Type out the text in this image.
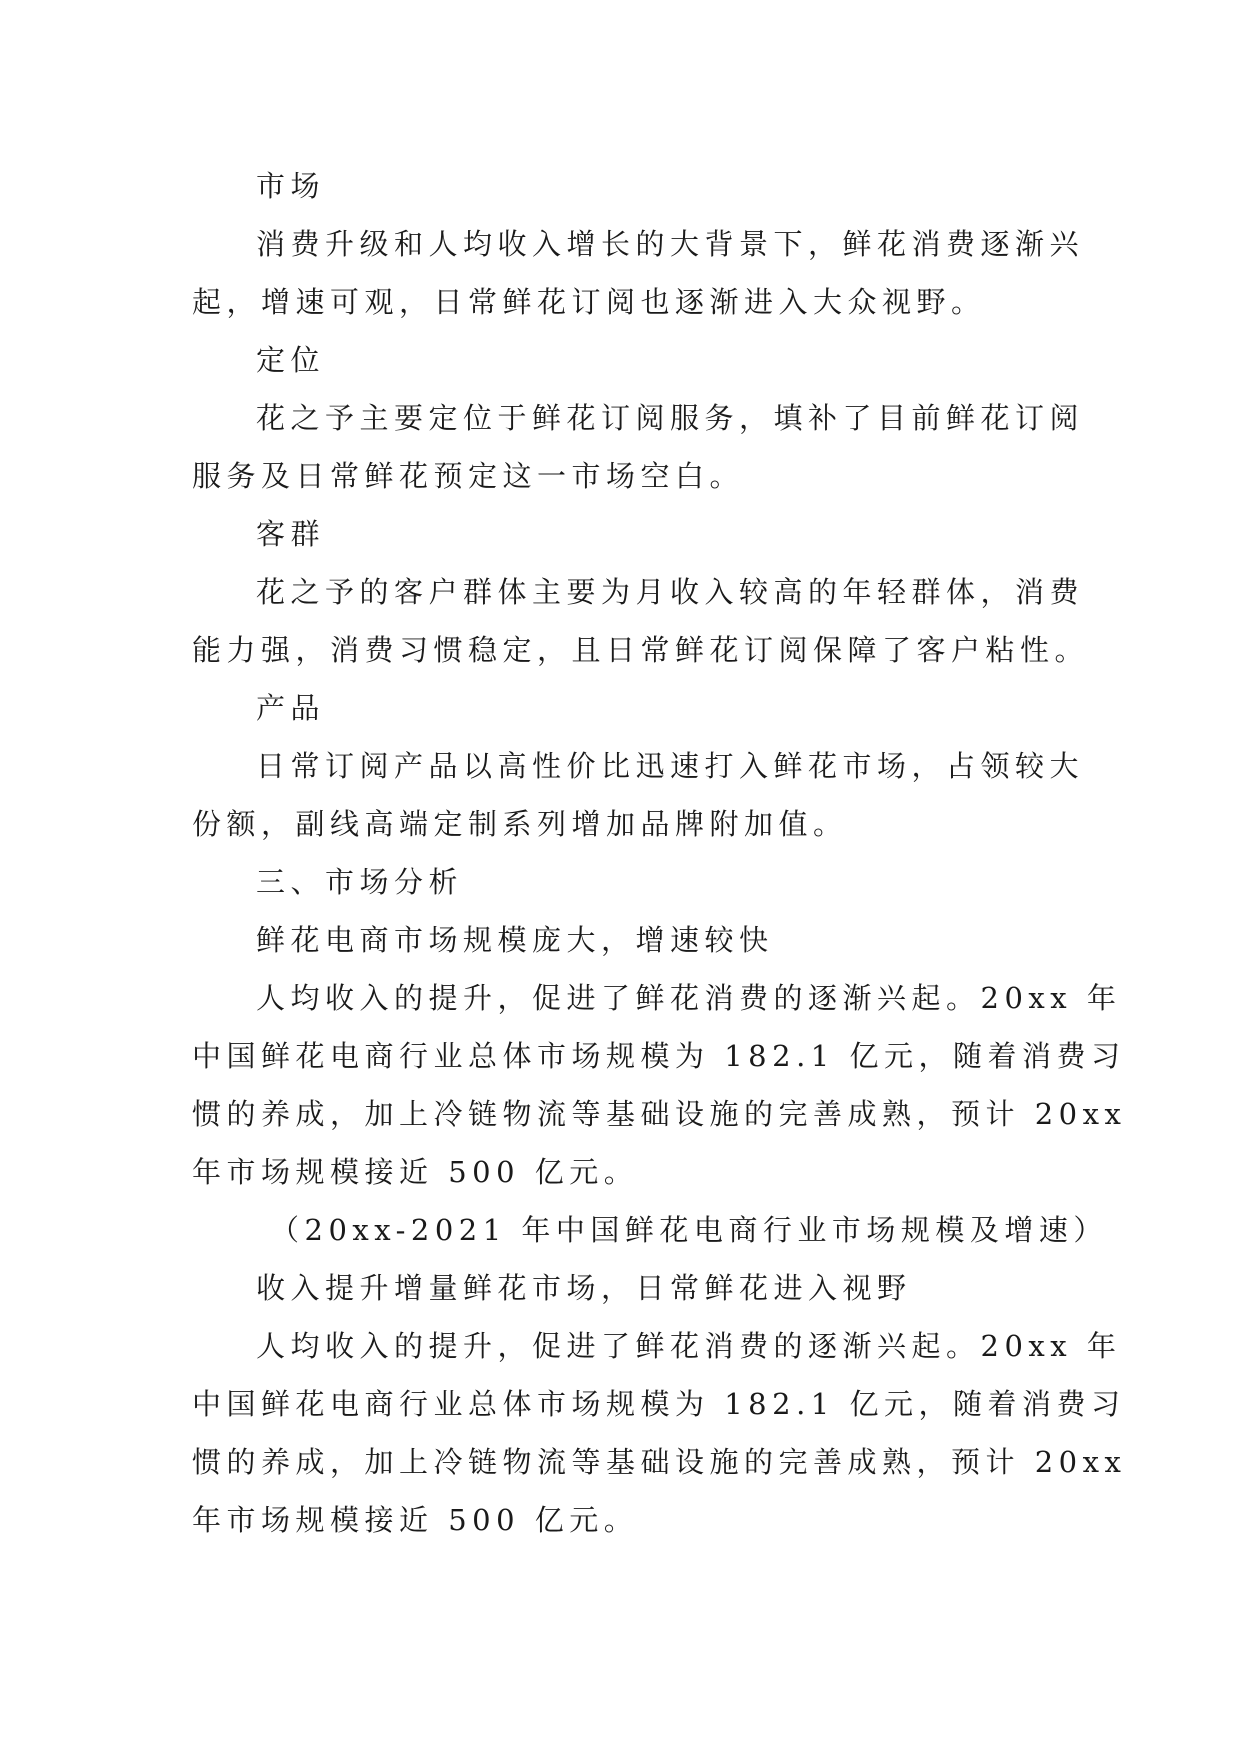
市场
消费升级和人均收入增长的大背景下，鲜花消费逐渐兴
起，增速可观，日常鲜花订阅也逐渐进入大众视野。
定位
花之予主要定位于鲜花订阅服务，填补了目前鲜花订阅
服务及日常鲜花预定这一市场空白。
客群
花之予的客户群体主要为月收入较高的年轻群体，消费
能力强，消费习惯稳定，且日常鲜花订阅保障了客户粘性。
产品
日常订阅产品以高性价比迅速打入鲜花市场，占领较大
份额，副线高端定制系列增加品牌附加值。
三、市场分析
鲜花电商市场规模庞大，增速较快
人均收入的提升，促进了鲜花消费的逐渐兴起。20xx 年
中国鲜花电商行业总体市场规模为 182.1 亿元，随着消费习
惯的养成，加上冷链物流等基础设施的完善成熟，预计 20xx
年市场规模接近 500 亿元。
（20xx-2021 年中国鲜花电商行业市场规模及增速）
收入提升增量鲜花市场，日常鲜花进入视野
人均收入的提升，促进了鲜花消费的逐渐兴起。20xx 年
中国鲜花电商行业总体市场规模为 182.1 亿元，随着消费习
惯的养成，加上冷链物流等基础设施的完善成熟，预计 20xx
年市场规模接近 500 亿元。
